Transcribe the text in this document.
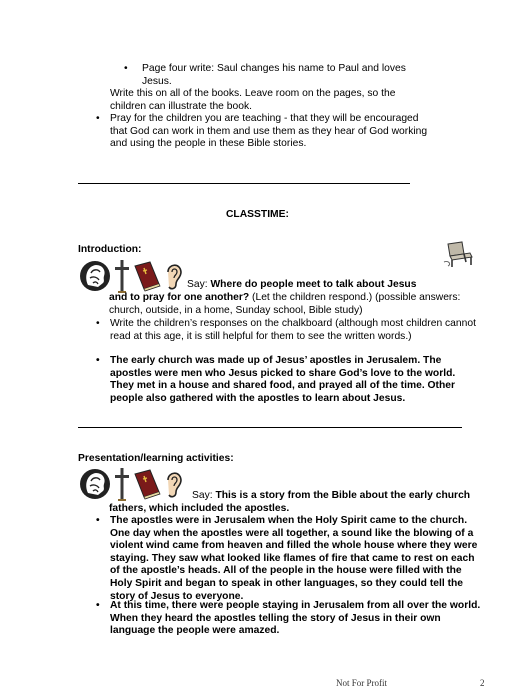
• Page four write: Saul changes his name to Paul and loves
Jesus.
Write this on all of the books. Leave room on the pages, so the
children can illustrate the book.
• Pray for the children you are teaching - that they will be encouraged
that God can work in them and use them as they hear of God working
and using the people in these Bible stories.
CLASSTIME:
Introduction:
Say: Where do people meet to talk about Jesus
and to pray for one another? (Let the children respond.) (possible answers:
church, outside, in a home, Sunday school, Bible study)
• Write the children’s responses on the chalkboard (although most children cannot
read at this age, it is still helpful for them to see the written words.)
• The early church was made up of Jesus’ apostles in Jerusalem. The
apostles were men who Jesus picked to share God’s love to the world.
They met in a house and shared food, and prayed all of the time. Other
people also gathered with the apostles to learn about Jesus.
Presentation/learning activities:
Say: This is a story from the Bible about the early church
fathers, which included the apostles.
• The apostles were in Jerusalem when the Holy Spirit came to the church.
One day when the apostles were all together, a sound like the blowing of a
violent wind came from heaven and filled the whole house where they were
staying. They saw what looked like flames of fire that came to rest on each
of the apostle’s heads. All of the people in the house were filled with the
Holy Spirit and began to speak in other languages, so they could tell the
story of Jesus to everyone.
• At this time, there were people staying in Jerusalem from all over the world.
When they heard the apostles telling the story of Jesus in their own
language the people were amazed.
Not For Profit	2
